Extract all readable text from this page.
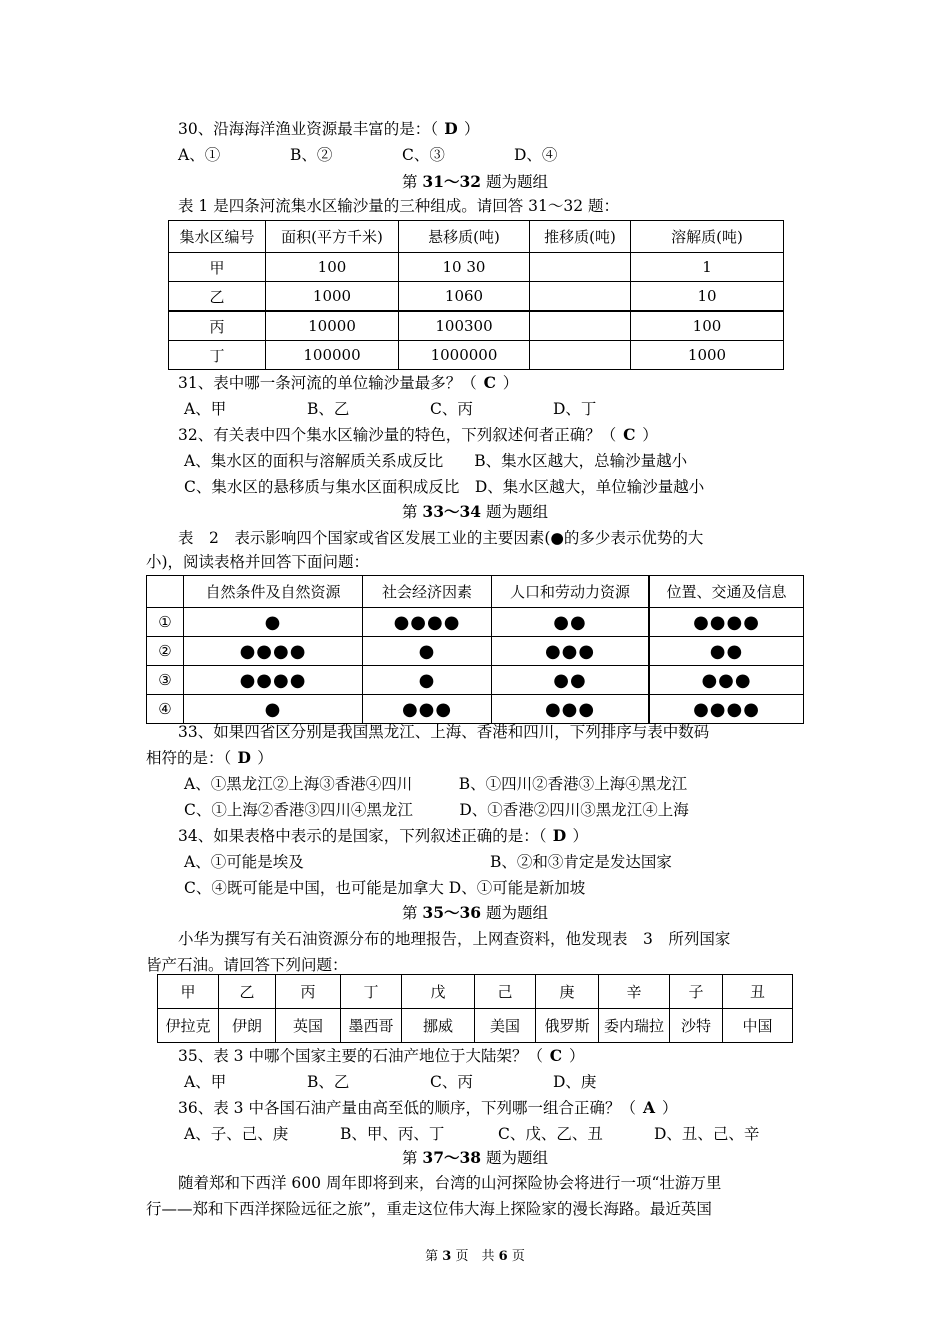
30、沿海海洋渔业资源最丰富的是：（ D ）
A、①	B、②	C、③	D、④
第 31～32 题为题组
表 1 是四条河流集水区输沙量的三种组成。请回答 31～32 题：
集水区编号	面积(平方千米)	悬移质(吨)	推移质(吨)	溶解质(吨)
甲	100	10 30		1
乙	1000	1060		10
丙	10000	100300		100
丁	100000	1000000		1000
31、表中哪一条河流的单位输沙量最多？（ C ）
A、甲	B、乙	C、丙	D、丁
32、有关表中四个集水区输沙量的特色，下列叙述何者正确？（ C ）
A、集水区的面积与溶解质关系成反比　　B、集水区越大，总输沙量越小
C、集水区的悬移质与集水区面积成反比　D、集水区越大，单位输沙量越小
第 33～34 题为题组
表　2　表示影响四个国家或省区发展工业的主要因素(●的多少表示优势的大
小)，阅读表格并回答下面问题：
	自然条件及自然资源	社会经济因素	人口和劳动力资源	位置、交通及信息
①	●	●●●●	●●	●●●●
②	●●●●	●	●●●	●●
③	●●●●	●	●●	●●●
④	●	●●●	●●●	●●●●
33、如果四省区分别是我国黑龙江、上海、香港和四川，下列排序与表中数码
相符的是：（ D ）
A、①黑龙江②上海③香港④四川　　　B、①四川②香港③上海④黑龙江
C、①上海②香港③四川④黑龙江　　　D、①香港②四川③黑龙江④上海
34、如果表格中表示的是国家，下列叙述正确的是：（ D ）
A、①可能是埃及	B、②和③肯定是发达国家
C、④既可能是中国，也可能是加拿大 D、①可能是新加坡
第 35～36 题为题组
小华为撰写有关石油资源分布的地理报告，上网查资料，他发现表　3　所列国家
皆产石油。请回答下列问题：
甲	乙	丙	丁	戊	己	庚	辛	子	丑
伊拉克	伊朗	英国	墨西哥	挪威	美国	俄罗斯	委内瑞拉	沙特	中国
35、表 3 中哪个国家主要的石油产地位于大陆架？（ C ）
A、甲	B、乙	C、丙	D、庚
36、表 3 中各国石油产量由高至低的顺序，下列哪一组合正确？（ A ）
A、子、己、庚	B、甲、丙、丁	C、戊、乙、丑	D、丑、己、辛
第 37～38 题为题组
随着郑和下西洋 600 周年即将到来，台湾的山河探险协会将进行一项“壮游万里
行——郑和下西洋探险远征之旅”，重走这位伟大海上探险家的漫长海路。最近英国
第 3 页　共 6 页
